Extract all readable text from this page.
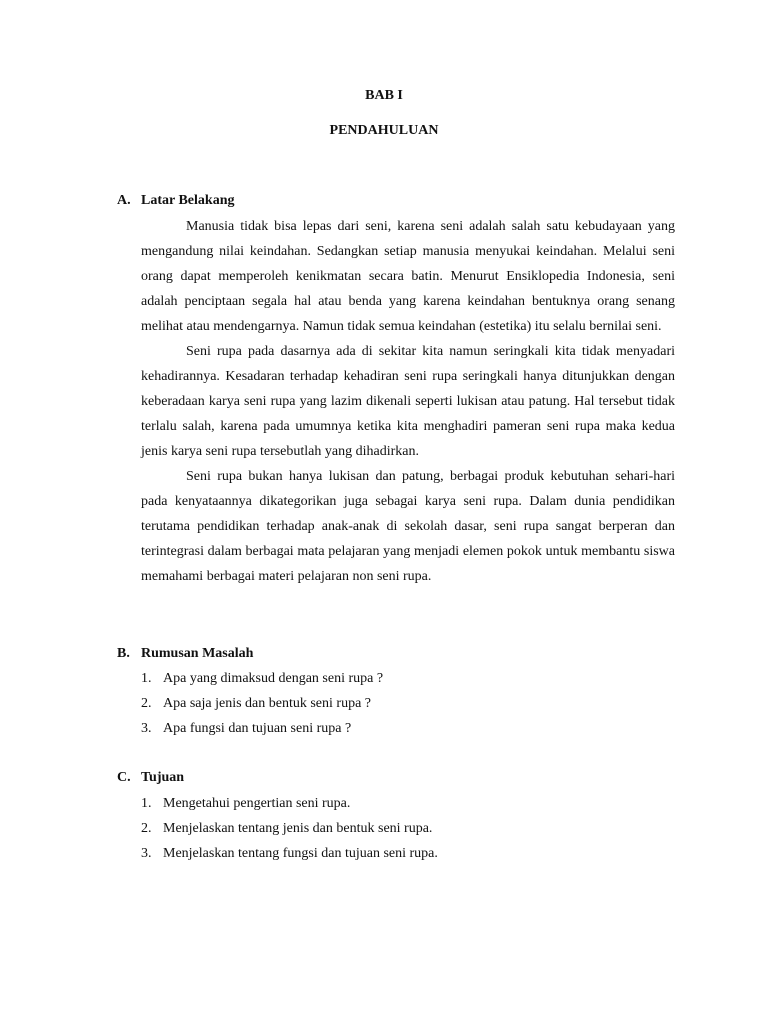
BAB I
PENDAHULUAN
A. Latar Belakang

Manusia tidak bisa lepas dari seni, karena seni adalah salah satu kebudayaan yang mengandung nilai keindahan. Sedangkan setiap manusia menyukai keindahan. Melalui seni orang dapat memperoleh kenikmatan secara batin. Menurut Ensiklopedia Indonesia, seni adalah penciptaan segala hal atau benda yang karena keindahan bentuknya orang senang melihat atau mendengarnya. Namun tidak semua keindahan (estetika) itu selalu bernilai seni.

Seni rupa pada dasarnya ada di sekitar kita namun seringkali kita tidak menyadari kehadirannya. Kesadaran terhadap kehadiran seni rupa seringkali hanya ditunjukkan dengan keberadaan karya seni rupa yang lazim dikenali seperti lukisan atau patung. Hal tersebut tidak terlalu salah, karena pada umumnya ketika kita menghadiri pameran seni rupa maka kedua jenis karya seni rupa tersebutlah yang dihadirkan.

Seni rupa bukan hanya lukisan dan patung, berbagai produk kebutuhan sehari-hari pada kenyataannya dikategorikan juga sebagai karya seni rupa. Dalam dunia pendidikan terutama pendidikan terhadap anak-anak di sekolah dasar, seni rupa sangat berperan dan terintegrasi dalam berbagai mata pelajaran yang menjadi elemen pokok untuk membantu siswa memahami berbagai materi pelajaran non seni rupa.

B. Rumusan Masalah
1. Apa yang dimaksud dengan seni rupa ?
2. Apa saja jenis dan bentuk seni rupa ?
3. Apa fungsi dan tujuan seni rupa ?
C. Tujuan
1. Mengetahui pengertian seni rupa.
2. Menjelaskan tentang jenis dan bentuk seni rupa.
3. Menjelaskan tentang fungsi dan tujuan seni rupa.
